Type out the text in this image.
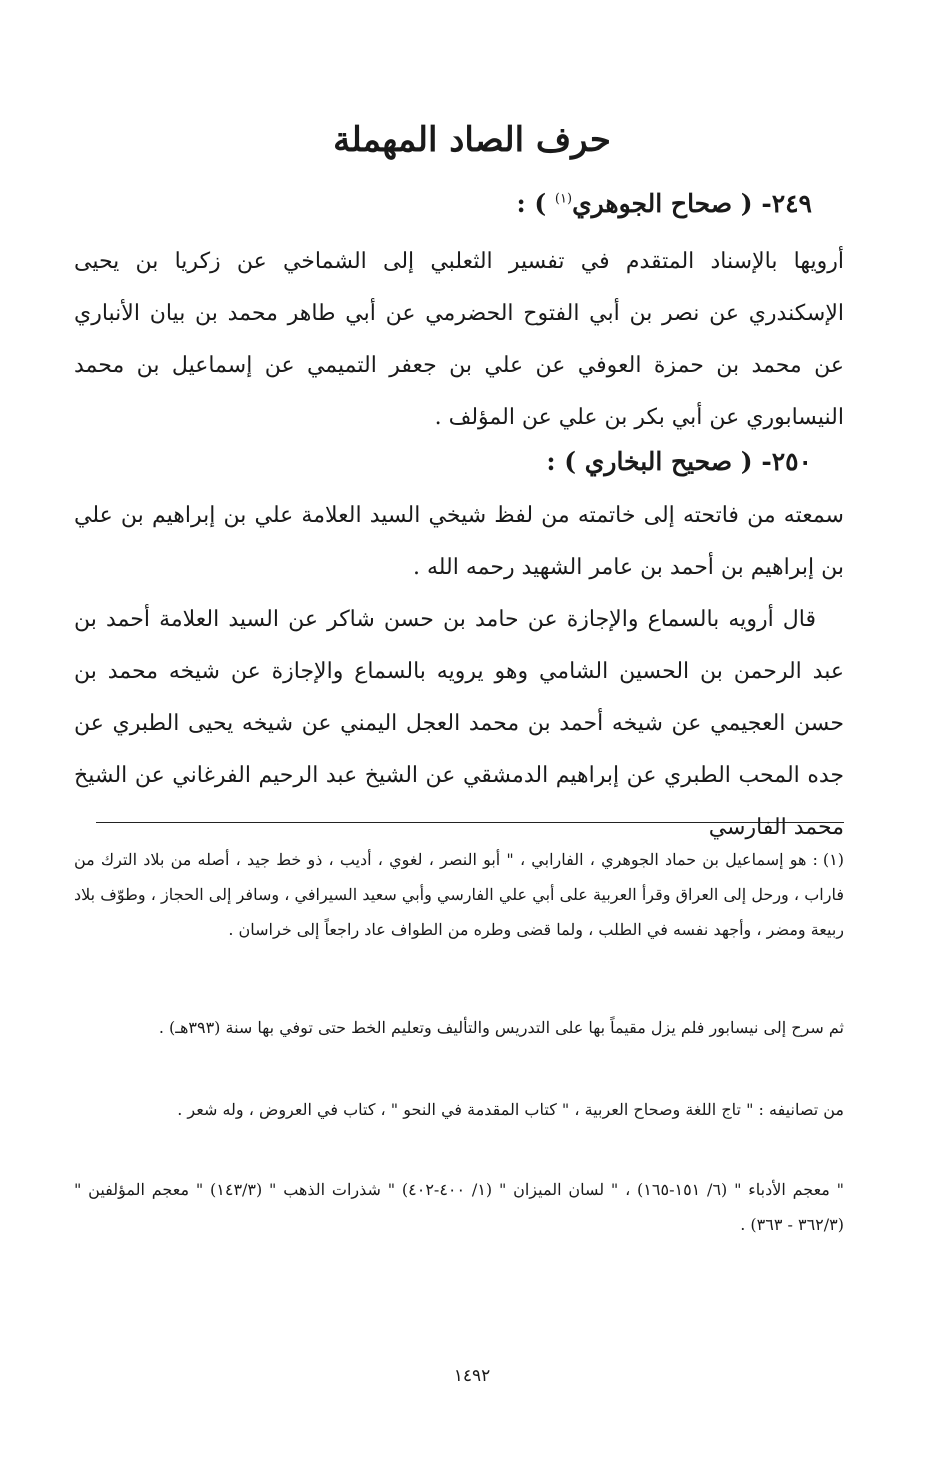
حرف الصاد المهملة

٢٤٩- ( صحاح الجوهري$^{(١)}$ ) :

أرويها بالإسناد المتقدم في تفسير الثعلبي إلى الشماخي عن زكريا بن يحيى الإسكندري عن نصر بن أبي الفتوح الحضرمي عن أبي طاهر محمد بن بيان الأنباري عن محمد بن حمزة العوفي عن علي بن جعفر التميمي عن إسماعيل بن محمد النيسابوري عن أبي بكر بن علي عن المؤلف .

٢٥٠- ( صحيح البخاري ) :

سمعته من فاتحته إلى خاتمته من لفظ شيخي السيد العلامة علي بن إبراهيم بن علي بن إبراهيم بن أحمد بن عامر الشهيد رحمه الله .

قال أرويه بالسماع والإجازة عن حامد بن حسن شاكر عن السيد العلامة أحمد بن عبد الرحمن بن الحسين الشامي وهو يرويه بالسماع والإجازة عن شيخه محمد بن حسن العجيمي عن شيخه أحمد بن محمد العجل اليمني عن شيخه يحيى الطبري عن جده المحب الطبري عن إبراهيم الدمشقي عن الشيخ عبد الرحيم الفرغاني عن الشيخ محمد الفارسي

(١) :هو إسماعيل بن حماد الجوهري ، الفارابي ، " أبو النصر ، لغوي ، أديب ، ذو خط جيد ، أصله من بلاد الترك من فاراب ، ورحل إلى العراق وقرأ العربية على أبي علي الفارسي وأبي سعيد السيرافي ، وسافر إلى الحجاز ، وطوّف بلاد ربيعة ومضر ، وأجهد نفسه في الطلب ، ولما قضى وطره من الطواف عاد راجعاً إلى خراسان .

ثم سرح إلى نيسابور فلم يزل مقيماً بها على التدريس والتأليف وتعليم الخط حتى توفي بها سنة (٣٩٣هـ) .

من تصانيفه : " تاج اللغة وصحاح العربية ، " كتاب المقدمة في النحو " ، كتاب في العروض ، وله شعر .

" معجم الأدباء " (٦/ ١٥١-١٦٥) ، " لسان الميزان " (١/ ٤٠٠-٤٠٢) " شذرات الذهب " (١٤٣/٣) " معجم المؤلفين " (٣٦٢/٣ - ٣٦٣) .

١٤٩٢
